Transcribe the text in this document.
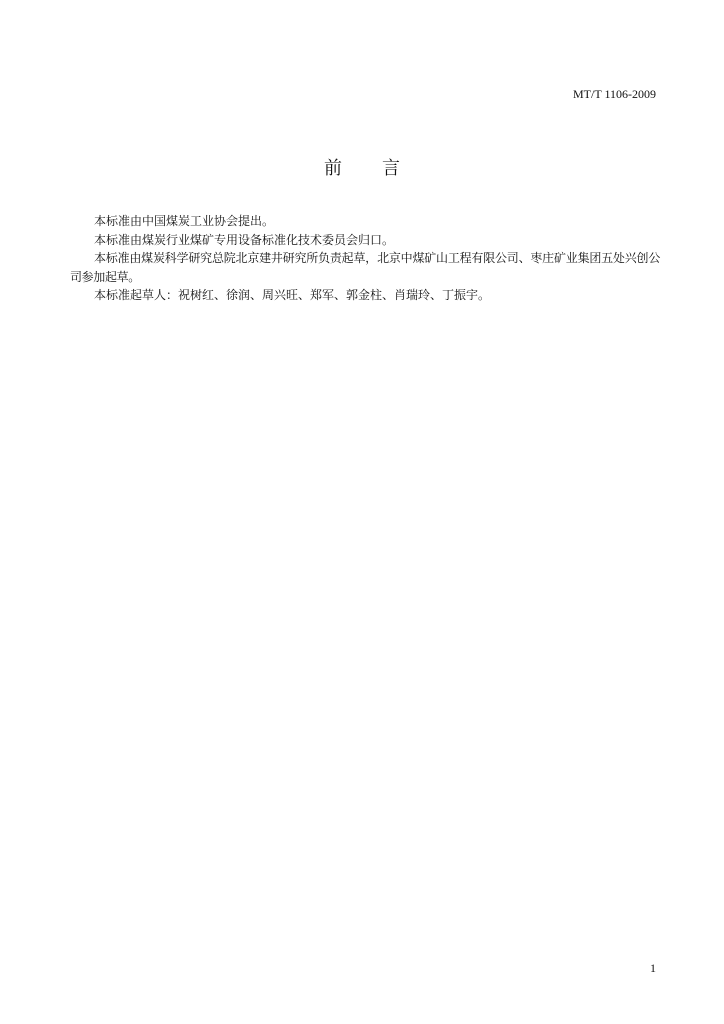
MT/T 1106-2009
前 言

本标准由中国煤炭工业协会提出。

本标准由煤炭行业煤矿专用设备标准化技术委员会归口。

本标准由煤炭科学研究总院北京建井研究所负责起草，北京中煤矿山工程有限公司、枣庄矿业集团五处兴创公司参加起草。

本标准起草人：祝树红、徐润、周兴旺、郑军、郭金柱、肖瑞玲、丁振宇。

1
